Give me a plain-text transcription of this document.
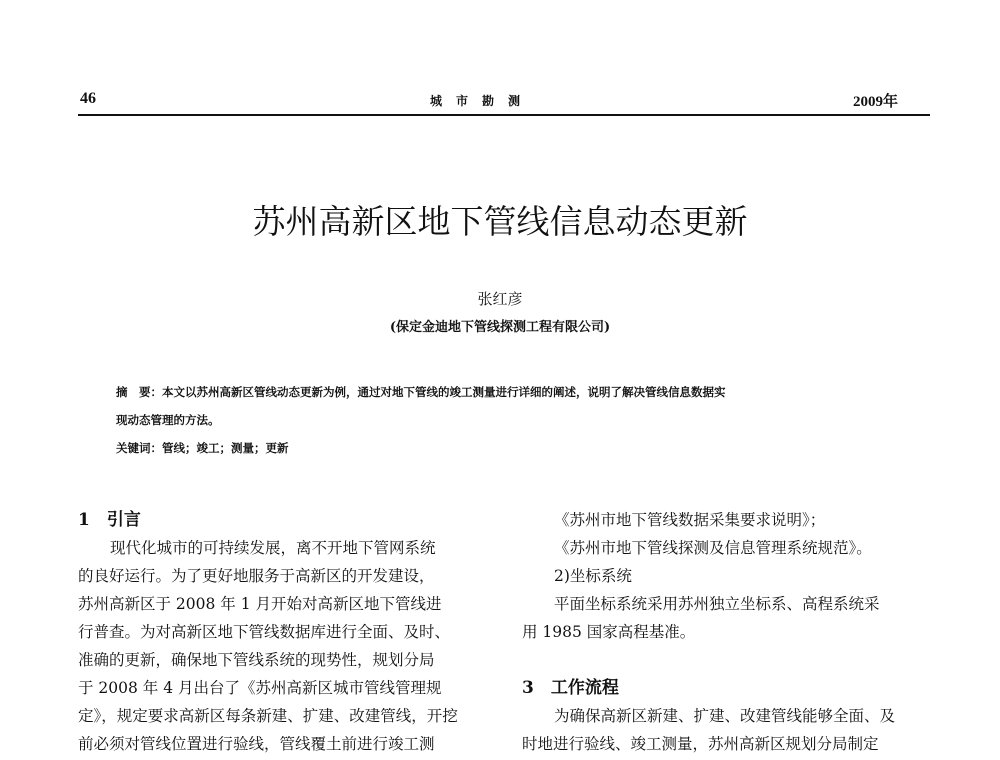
46	城市勘测	2009年
苏州高新区地下管线信息动态更新
张红彦
(保定金迪地下管线探测工程有限公司)
摘　要：本文以苏州高新区管线动态更新为例，通过对地下管线的竣工测量进行详细的阐述，说明了解决管线信息数据实
现动态管理的方法。
关键词：管线；竣工；测量；更新
1　引言
现代化城市的可持续发展，离不开地下管网系统
的良好运行。为了更好地服务于高新区的开发建设，
苏州高新区于 2008 年 1 月开始对高新区地下管线进
行普查。为对高新区地下管线数据库进行全面、及时、
准确的更新，确保地下管线系统的现势性，规划分局
于 2008 年 4 月出台了《苏州高新区城市管线管理规
定》，规定要求高新区每条新建、扩建、改建管线，开挖
前必须对管线位置进行验线，管线覆土前进行竣工测
《苏州市地下管线数据采集要求说明》；
《苏州市地下管线探测及信息管理系统规范》。
2)坐标系统
平面坐标系统采用苏州独立坐标系、高程系统采
用 1985 国家高程基准。
3　工作流程
为确保高新区新建、扩建、改建管线能够全面、及
时地进行验线、竣工测量，苏州高新区规划分局制定
